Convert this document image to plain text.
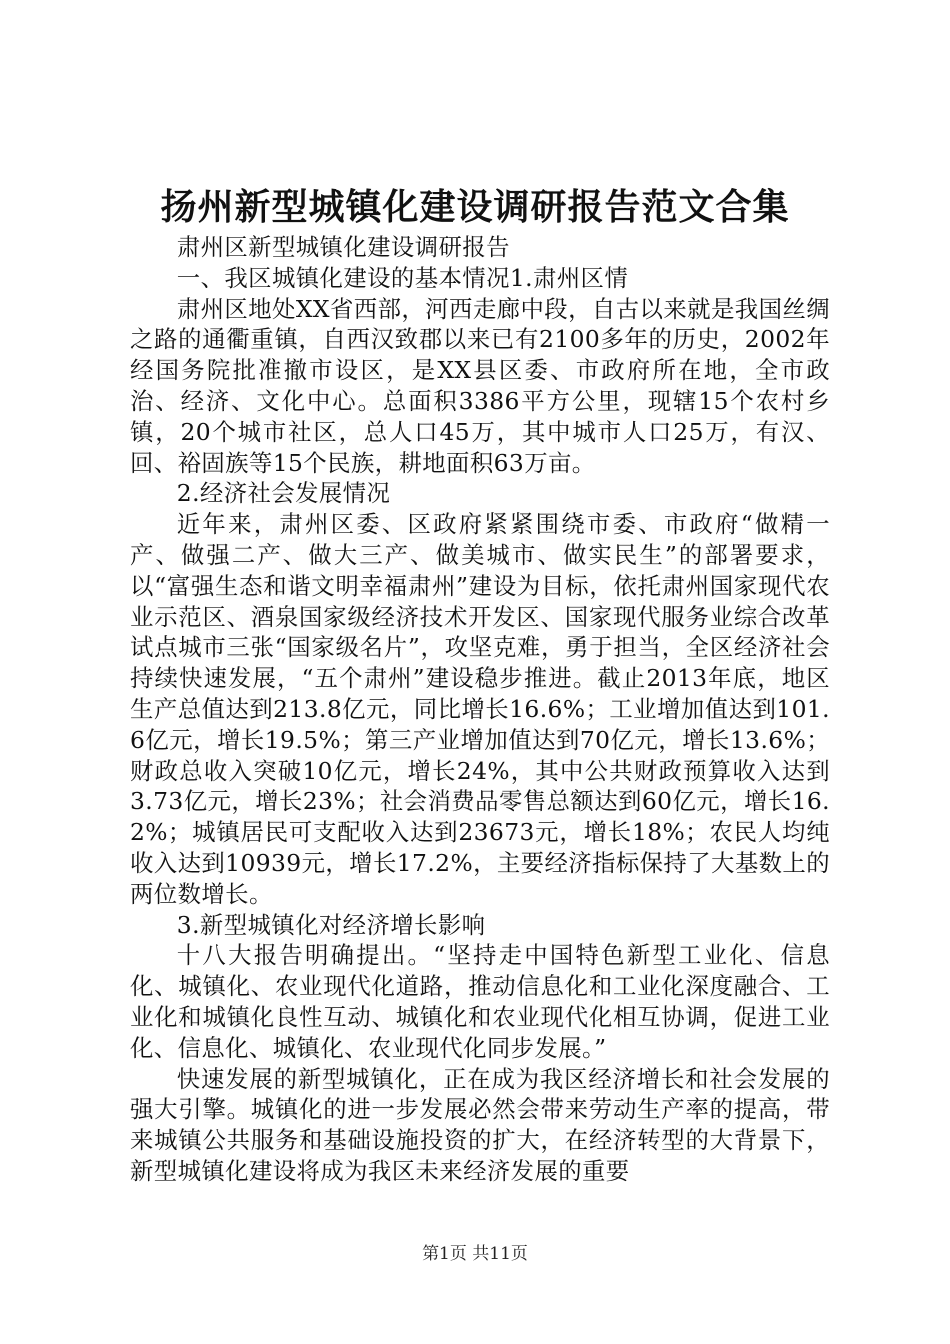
扬州新型城镇化建设调研报告范文合集

肃州区新型城镇化建设调研报告

一、我区城镇化建设的基本情况1.肃州区情

肃州区地处XX省西部，河西走廊中段，自古以来就是我国丝绸之路的通衢重镇，自西汉致郡以来已有2100多年的历史，2002年经国务院批准撤市设区，是XX县区委、市政府所在地，全市政治、经济、文化中心。总面积3386平方公里，现辖15个农村乡镇，20个城市社区，总人口45万，其中城市人口25万，有汉、回、裕固族等15个民族，耕地面积63万亩。

2.经济社会发展情况

近年来，肃州区委、区政府紧紧围绕市委、市政府“做精一产、做强二产、做大三产、做美城市、做实民生”的部署要求，以“富强生态和谐文明幸福肃州”建设为目标，依托肃州国家现代农业示范区、酒泉国家级经济技术开发区、国家现代服务业综合改革试点城市三张“国家级名片”，攻坚克难，勇于担当，全区经济社会持续快速发展，“五个肃州”建设稳步推进。截止2013年底，地区生产总值达到213.8亿元，同比增长16.6%；工业增加值达到101.6亿元，增长19.5%；第三产业增加值达到70亿元，增长13.6%；财政总收入突破10亿元，增长24%，其中公共财政预算收入达到3.73亿元，增长23%；社会消费品零售总额达到60亿元，增长16.2%；城镇居民可支配收入达到23673元，增长18%；农民人均纯收入达到10939元，增长17.2%，主要经济指标保持了大基数上的两位数增长。

3.新型城镇化对经济增长影响

十八大报告明确提出。“坚持走中国特色新型工业化、信息化、城镇化、农业现代化道路，推动信息化和工业化深度融合、工业化和城镇化良性互动、城镇化和农业现代化相互协调，促进工业化、信息化、城镇化、农业现代化同步发展。”

快速发展的新型城镇化，正在成为我区经济增长和社会发展的强大引擎。城镇化的进一步发展必然会带来劳动生产率的提高，带来城镇公共服务和基础设施投资的扩大，在经济转型的大背景下，新型城镇化建设将成为我区未来经济发展的重要

第1页 共11页
